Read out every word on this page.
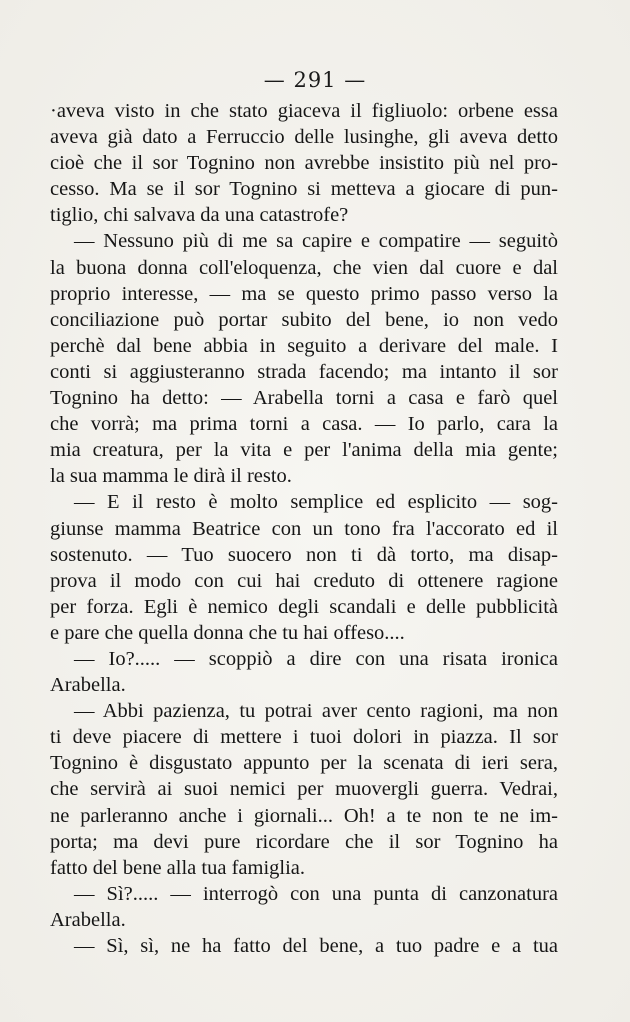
— 291 —
·aveva visto in che stato giaceva il figliuolo: orbene essa
aveva già dato a Ferruccio delle lusinghe, gli aveva detto
cioè che il sor Tognino non avrebbe insistito più nel pro-
cesso. Ma se il sor Tognino si metteva a giocare di pun-
tiglio, chi salvava da una catastrofe?
— Nessuno più di me sa capire e compatire — seguitò
la buona donna coll'eloquenza, che vien dal cuore e dal
proprio interesse, — ma se questo primo passo verso la
conciliazione può portar subito del bene, io non vedo
perchè dal bene abbia in seguito a derivare del male. I
conti si aggiusteranno strada facendo; ma intanto il sor
Tognino ha detto: — Arabella torni a casa e farò quel
che vorrà; ma prima torni a casa. — Io parlo, cara la
mia creatura, per la vita e per l'anima della mia gente;
la sua mamma le dirà il resto.
— E il resto è molto semplice ed esplicito — sog-
giunse mamma Beatrice con un tono fra l'accorato ed il
sostenuto. — Tuo suocero non ti dà torto, ma disap-
prova il modo con cui hai creduto di ottenere ragione
per forza. Egli è nemico degli scandali e delle pubblicità
e pare che quella donna che tu hai offeso....
— Io?..... — scoppiò a dire con una risata ironica
Arabella.
— Abbi pazienza, tu potrai aver cento ragioni, ma non
ti deve piacere di mettere i tuoi dolori in piazza. Il sor
Tognino è disgustato appunto per la scenata di ieri sera,
che servirà ai suoi nemici per muovergli guerra. Vedrai,
ne parleranno anche i giornali... Oh! a te non te ne im-
porta; ma devi pure ricordare che il sor Tognino ha
fatto del bene alla tua famiglia.
— Sì?..... — interrogò con una punta di canzonatura
Arabella.
— Sì, sì, ne ha fatto del bene, a tuo padre e a tua
